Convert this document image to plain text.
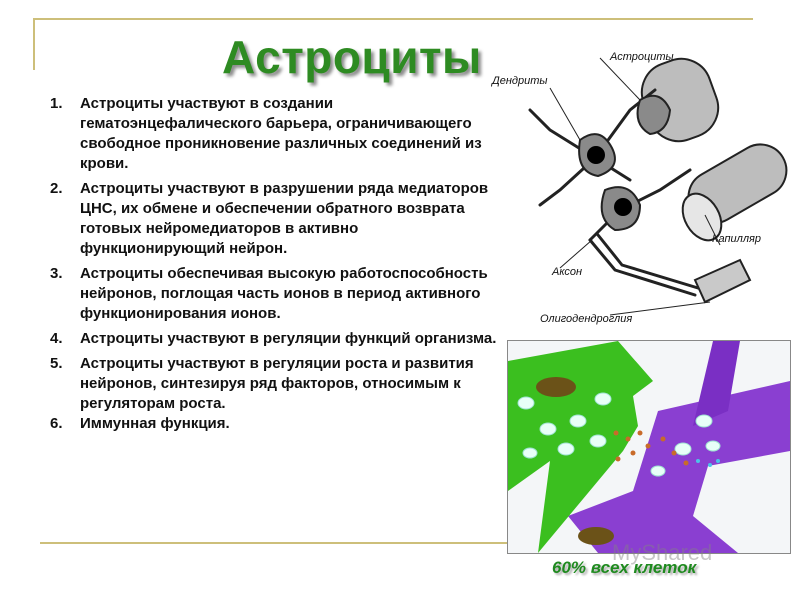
Астроциты
1. Астроциты участвуют в создании гематоэнцефалического барьера, ограничивающего свободное проникновение различных соединений из крови.
2. Астроциты участвуют в разрушении ряда медиаторов ЦНС, их обмене и обеспечении обратного возврата готовых нейромедиаторов в активно функционирующий нейрон.
3. Астроциты обеспечивая высокую работоспособность нейронов, поглощая часть ионов в период активного функционирования ионов.
4. Астроциты участвуют в регуляции функций организма.
5. Астроциты участвуют в регуляции роста и развития нейронов, синтезируя ряд факторов, относимым к регуляторам роста.
6. Иммунная функция.
Астроциты
Дендриты
Капилляр
Аксон
Олигодендроглия
MyShared
60% всех клеток
